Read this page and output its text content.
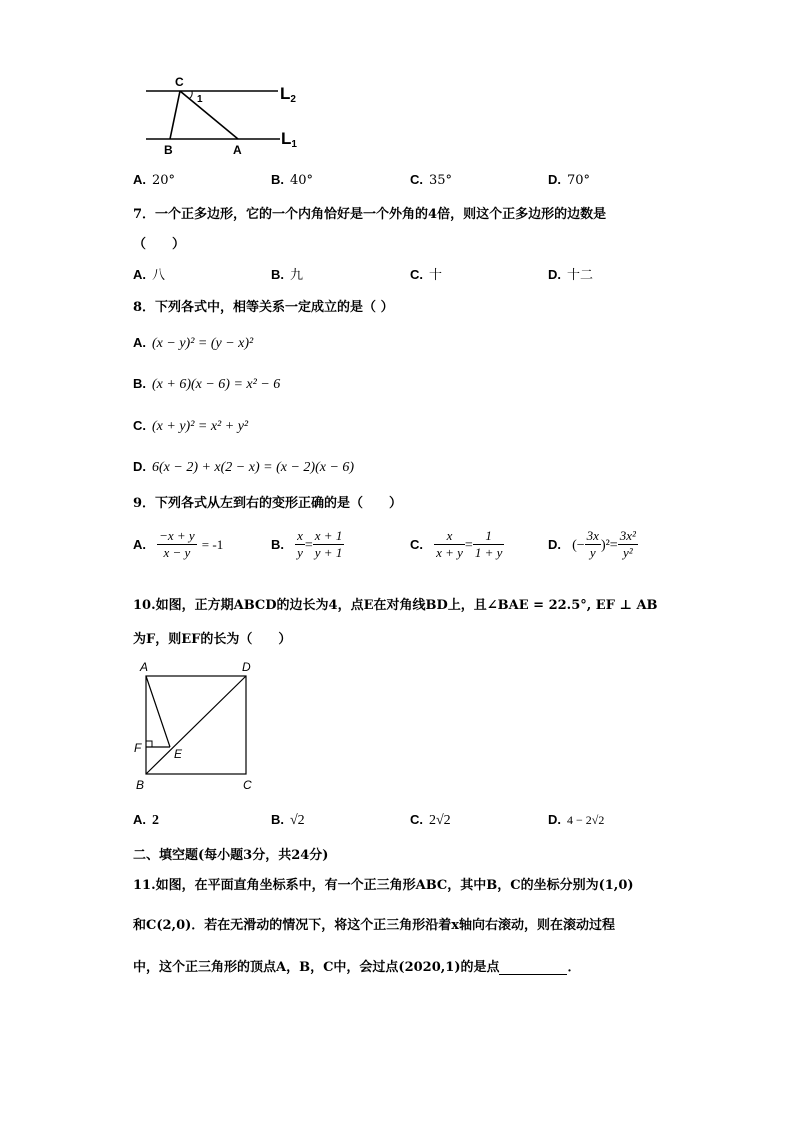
C
1	L2
L1
B	A
A. 20°	B. 40°	C. 35°	D. 70°
7．一个正多边形，它的一个内角恰好是一个外角的4倍，则这个正多边形的边数是
（　　）
A. 八	B. 九	C. 十	D. 十二
8．下列各式中，相等关系一定成立的是（ ）
A. (x − y)² = (y − x)²
B. (x + 6)(x − 6) = x² − 6
C. (x + y)² = x² + y²
D. 6(x − 2) + x(2 − x) = (x − 2)(x − 6)
9．下列各式从左到右的变形正确的是（　　）
A. $\frac{-x + y}{x - y} = -1$	B. $\frac{x}{y} = \frac{x + 1}{y + 1}$	C. $\frac{x}{x + y} = \frac{1}{1 + y}$	D. (− $\frac{3x}{y} )^2= \frac{\text{3x²}}{\text{y²}}$
10.如图，正方期ABCD的边长为4，点E在对角线BD上，且∠BAE = 22.5°, EF ⊥ AB
为F，则EF的长为（　　）
A	D
F	E
B	C
A. 2	B. √2	C. 2√2	D. 4 − 2√2
二、填空题(每小题3分，共24分)
11.如图，在平面直角坐标系中，有一个正三角形ABC，其中B，C的坐标分别为(1,0)
和C(2,0)．若在无滑动的情况下，将这个正三角形沿着x轴向右滚动，则在滚动过程
中，这个正三角形的顶点A，B，C中，会过点(2020,1)的是点	．
